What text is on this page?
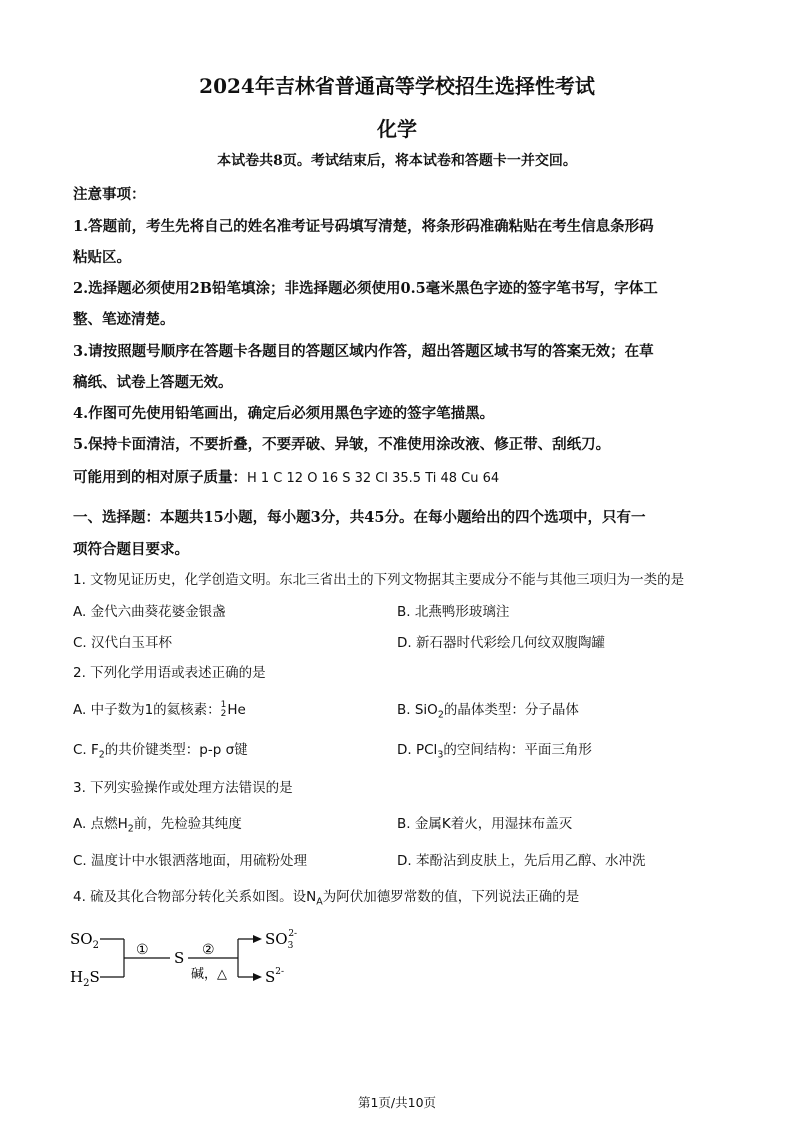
2024年吉林省普通高等学校招生选择性考试
化学
本试卷共8页。考试结束后，将本试卷和答题卡一并交回。
注意事项：
1.答题前，考生先将自己的姓名准考证号码填写清楚，将条形码准确粘贴在考生信息条形码
粘贴区。
2.选择题必须使用2B铅笔填涂；非选择题必须使用0.5毫米黑色字迹的签字笔书写，字体工
整、笔迹清楚。
3.请按照题号顺序在答题卡各题目的答题区域内作答，超出答题区域书写的答案无效；在草
稿纸、试卷上答题无效。
4.作图可先使用铅笔画出，确定后必须用黑色字迹的签字笔描黑。
5.保持卡面清洁，不要折叠，不要弄破、异皱，不准使用涂改液、修正带、刮纸刀。
可能用到的相对原子质量：H 1 C 12 O 16 S 32 Cl 35.5 Ti 48 Cu 64
一、选择题：本题共15小题，每小题3分，共45分。在每小题给出的四个选项中，只有一
项符合题目要求。
1. 文物见证历史，化学创造文明。东北三省出土的下列文物据其主要成分不能与其他三项归为一类的是
A. 金代六曲葵花婆金银盏	B. 北燕鸭形玻璃注
C. 汉代白玉耳杯	D. 新石器时代彩绘几何纹双腹陶罐
2. 下列化学用语或表述正确的是
A. 中子数为1的氦核素： 1
2 He	B. SiO$_2$的晶体类型：分子晶体
C. $F_2$的共价键类型：p-p σ键	D. PCl$_3$的空间结构：平面三角形
3. 下列实验操作或处理方法错误的是
A. 点燃$H_2$前，先检验其纯度	B. 金属K着火，用湿抹布盖灭
C. 温度计中水银洒落地面，用硫粉处理	D. 苯酚沾到皮肤上，先后用乙醇、水冲洗
4. 硫及其化合物部分转化关系如图。设$N_A$为阿伏加德罗常数的值，下列说法正确的是
$SO_2$
$H_2S$
① S ②
碱，△
$SO_32-$
$S^{2-}$
第1页/共10页
